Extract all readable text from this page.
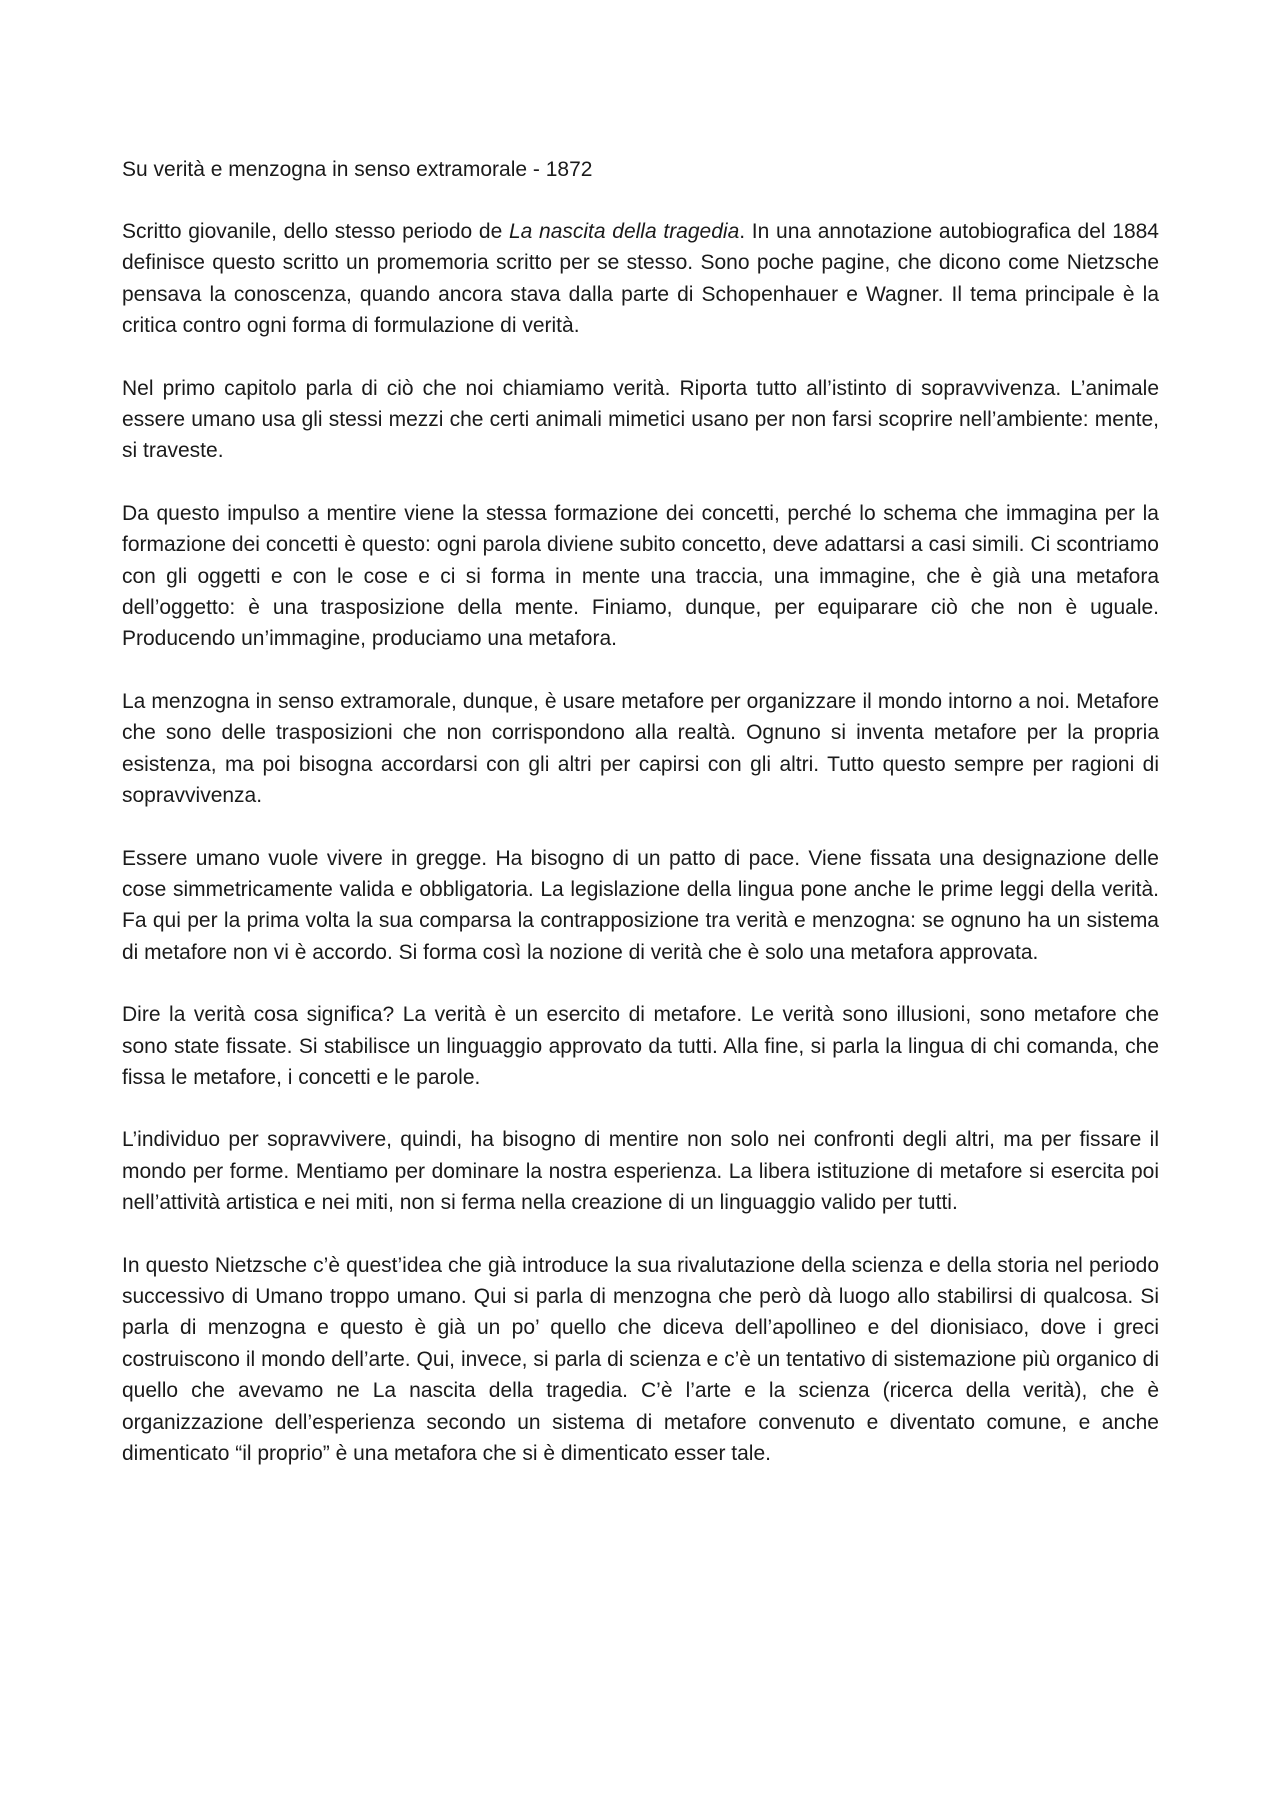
Su verità e menzogna in senso extramorale - 1872

Scritto giovanile, dello stesso periodo de La nascita della tragedia. In una annotazione autobiografica del 1884 definisce questo scritto un promemoria scritto per se stesso. Sono poche pagine, che dicono come Nietzsche pensava la conoscenza, quando ancora stava dalla parte di Schopenhauer e Wagner. Il tema principale è la critica contro ogni forma di formulazione di verità.

Nel primo capitolo parla di ciò che noi chiamiamo verità. Riporta tutto all’istinto di sopravvivenza. L’animale essere umano usa gli stessi mezzi che certi animali mimetici usano per non farsi scoprire nell’ambiente: mente, si traveste.

Da questo impulso a mentire viene la stessa formazione dei concetti, perché lo schema che immagina per la formazione dei concetti è questo: ogni parola diviene subito concetto, deve adattarsi a casi simili. Ci scontriamo con gli oggetti e con le cose e ci si forma in mente una traccia, una immagine, che è già una metafora dell’oggetto: è una trasposizione della mente. Finiamo, dunque, per equiparare ciò che non è uguale. Producendo un’immagine, produciamo una metafora.

La menzogna in senso extramorale, dunque, è usare metafore per organizzare il mondo intorno a noi. Metafore che sono delle trasposizioni che non corrispondono alla realtà. Ognuno si inventa metafore per la propria esistenza, ma poi bisogna accordarsi con gli altri per capirsi con gli altri. Tutto questo sempre per ragioni di sopravvivenza.

Essere umano vuole vivere in gregge. Ha bisogno di un patto di pace. Viene fissata una designazione delle cose simmetricamente valida e obbligatoria. La legislazione della lingua pone anche le prime leggi della verità. Fa qui per la prima volta la sua comparsa la contrapposizione tra verità e menzogna: se ognuno ha un sistema di metafore non vi è accordo. Si forma così la nozione di verità che è solo una metafora approvata.

Dire la verità cosa significa? La verità è un esercito di metafore. Le verità sono illusioni, sono metafore che sono state fissate. Si stabilisce un linguaggio approvato da tutti. Alla fine, si parla la lingua di chi comanda, che fissa le metafore, i concetti e le parole.

L’individuo per sopravvivere, quindi, ha bisogno di mentire non solo nei confronti degli altri, ma per fissare il mondo per forme. Mentiamo per dominare la nostra esperienza. La libera istituzione di metafore si esercita poi nell’attività artistica e nei miti, non si ferma nella creazione di un linguaggio valido per tutti.

In questo Nietzsche c’è quest’idea che già introduce la sua rivalutazione della scienza e della storia nel periodo successivo di Umano troppo umano. Qui si parla di menzogna che però dà luogo allo stabilirsi di qualcosa. Si parla di menzogna e questo è già un po’ quello che diceva dell’apollineo e del dionisiaco, dove i greci costruiscono il mondo dell’arte. Qui, invece, si parla di scienza e c’è un tentativo di sistemazione più organico di quello che avevamo ne La nascita della tragedia. C’è l’arte e la scienza (ricerca della verità), che è organizzazione dell’esperienza secondo un sistema di metafore convenuto e diventato comune, e anche dimenticato “il proprio” è una metafora che si è dimenticato esser tale.
